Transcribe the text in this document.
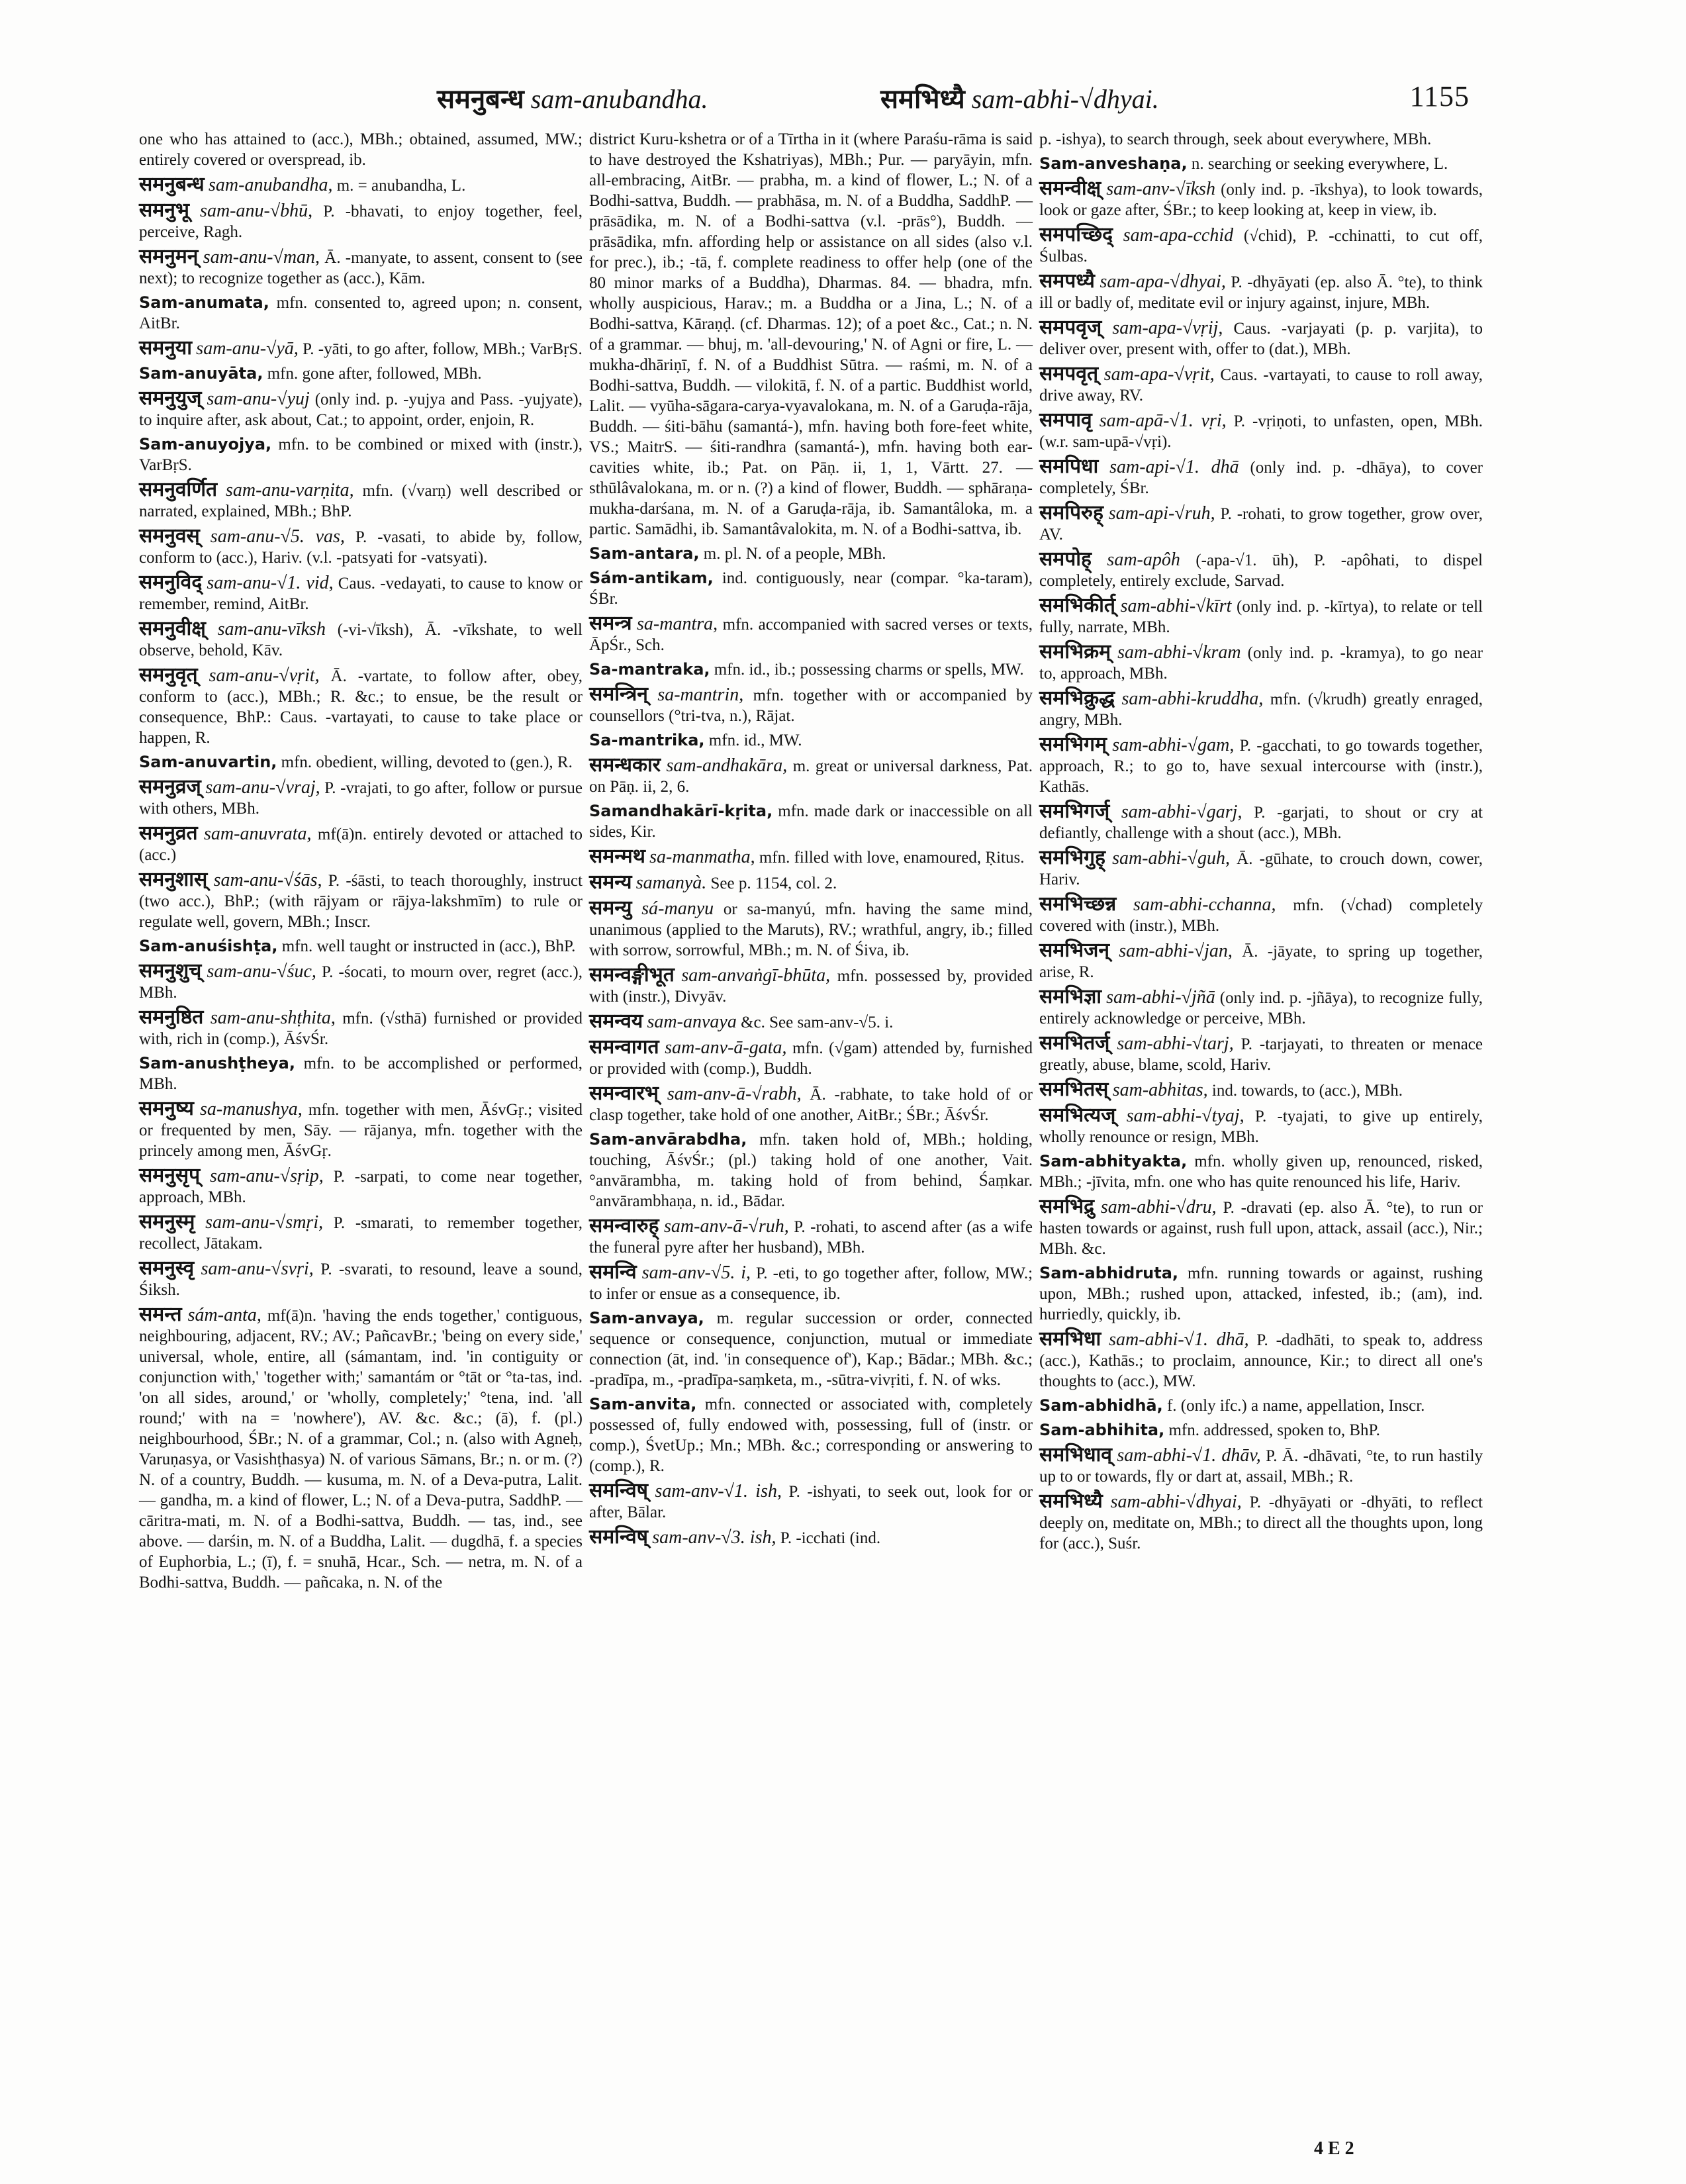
समनुबन्ध sam-anubandha.	समभिध्यै sam-abhi-√dhyai.	1155
one who has attained to (acc.), MBh.; obtained, assumed, MW.; entirely covered or overspread, ib.
समनुबन्ध sam-anubandha, m. = anubandha, L.
समनुभू sam-anu-√bhū, P. -bhavati, to enjoy together, feel, perceive, Ragh.
समनुमन् sam-anu-√man, Ā. -manyate, to assent, consent to (see next); to recognize together as (acc.), Kām.
Sam-anumata, mfn. consented to, agreed upon; n. consent, AitBr.
समनुया sam-anu-√yā, P. -yāti, to go after, follow, MBh.; VarBṛS.
Sam-anuyāta, mfn. gone after, followed, MBh.
समनुयुज् sam-anu-√yuj (only ind. p. -yujya and Pass. -yujyate), to inquire after, ask about, Cat.; to appoint, order, enjoin, R.
Sam-anuyojya, mfn. to be combined or mixed with (instr.), VarBṛS.
समनुवर्णित sam-anu-varṇita, mfn. (√varṇ) well described or narrated, explained, MBh.; BhP.
समनुवस् sam-anu-√5. vas, P. -vasati, to abide by, follow, conform to (acc.), Hariv. (v.l. -patsyati for -vatsyati).
समनुविद् sam-anu-√1. vid, Caus. -vedayati, to cause to know or remember, remind, AitBr.
समनुवीक्ष् sam-anu-vīksh (-vi-√īksh), Ā. -vīkshate, to well observe, behold, Kāv.
समनुवृत् sam-anu-√vṛit, Ā. -vartate, to follow after, obey, conform to (acc.), MBh.; R. &c.; to ensue, be the result or consequence, BhP.: Caus. -vartayati, to cause to take place or happen, R.
Sam-anuvartin, mfn. obedient, willing, devoted to (gen.), R.
समनुव्रज् sam-anu-√vraj, P. -vrajati, to go after, follow or pursue with others, MBh.
समनुव्रत sam-anuvrata, mf(ā)n. entirely devoted or attached to (acc.)
समनुशास् sam-anu-√śās, P. -śāsti, to teach thoroughly, instruct (two acc.), BhP.; (with rājyam or rājya-lakshmīm) to rule or regulate well, govern, MBh.; Inscr.
Sam-anuśishṭa, mfn. well taught or instructed in (acc.), BhP.
समनुशुच् sam-anu-√śuc, P. -śocati, to mourn over, regret (acc.), MBh.
समनुष्ठित sam-anu-shṭhita, mfn. (√sthā) furnished or provided with, rich in (comp.), ĀśvŚr.
Sam-anushṭheya, mfn. to be accomplished or performed, MBh.
समनुष्य sa-manushya, mfn. together with men, ĀśvGṛ.; visited or frequented by men, Sāy. — rājanya, mfn. together with the princely among men, ĀśvGṛ.
समनुसृप् sam-anu-√sṛip, P. -sarpati, to come near together, approach, MBh.
समनुस्मृ sam-anu-√smṛi, P. -smarati, to remember together, recollect, Jātakam.
समनुस्वृ sam-anu-√svṛi, P. -svarati, to resound, leave a sound, Śiksh.
समन्त sám-anta, mf(ā)n. 'having the ends together,' contiguous, neighbouring, adjacent, RV.; AV.; PañcavBr.; 'being on every side,' universal, whole, entire, all (sámantam, ind. 'in contiguity or conjunction with,' 'together with;' samantám or °tāt or °ta-tas, ind. 'on all sides, around,' or 'wholly, completely;' °tena, ind. 'all round;' with na = 'nowhere'), AV. &c. &c.; (ā), f. (pl.) neighbourhood, ŚBr.; N. of a grammar, Col.; n. (also with Agneḥ, Varuṇasya, or Vasishṭhasya) N. of various Sāmans, Br.; n. or m. (?) N. of a country, Buddh. — kusuma, m. N. of a Deva-putra, Lalit. — gandha, m. a kind of flower, L.; N. of a Deva-putra, SaddhP. — cāritra-mati, m. N. of a Bodhi-sattva, Buddh. — tas, ind., see above. — darśin, m. N. of a Buddha, Lalit. — dugdhā, f. a species of Euphorbia, L.; (ī), f. = snuhā, Hcar., Sch. — netra, m. N. of a Bodhi-sattva, Buddh. — pañcaka, n. N. of the
district Kuru-kshetra or of a Tīrtha in it (where Paraśu-rāma is said to have destroyed the Kshatriyas), MBh.; Pur. — paryāyin, mfn. all-embracing, AitBr. — prabha, m. a kind of flower, L.; N. of a Bodhi-sattva, Buddh. — prabhāsa, m. N. of a Buddha, SaddhP. — prāsādika, m. N. of a Bodhi-sattva (v.l. -prās°), Buddh. — prāsādika, mfn. affording help or assistance on all sides (also v.l. for prec.), ib.; -tā, f. complete readiness to offer help (one of the 80 minor marks of a Buddha), Dharmas. 84. — bhadra, mfn. wholly auspicious, Harav.; m. a Buddha or a Jina, L.; N. of a Bodhi-sattva, Kāraṇḍ. (cf. Dharmas. 12); of a poet &c., Cat.; n. N. of a grammar. — bhuj, m. 'all-devouring,' N. of Agni or fire, L. — mukha-dhāriṇī, f. N. of a Buddhist Sūtra. — raśmi, m. N. of a Bodhi-sattva, Buddh. — vilokitā, f. N. of a partic. Buddhist world, Lalit. — vyūha-sāgara-carya-vyavalokana, m. N. of a Garuḍa-rāja, Buddh. — śiti-bāhu (samantá-), mfn. having both fore-feet white, VS.; MaitrS. — śiti-randhra (samantá-), mfn. having both ear-cavities white, ib.; Pat. on Pāṇ. ii, 1, 1, Vārtt. 27. — sthūlâvalokana, m. or n. (?) a kind of flower, Buddh. — sphāraṇa-mukha-darśana, m. N. of a Garuḍa-rāja, ib. Samantâloka, m. a partic. Samādhi, ib. Samantâvalokita, m. N. of a Bodhi-sattva, ib.
Sam-antara, m. pl. N. of a people, MBh.
Sám-antikam, ind. contiguously, near (compar. °ka-taram), ŚBr.
समन्त्र sa-mantra, mfn. accompanied with sacred verses or texts, ĀpŚr., Sch.
Sa-mantraka, mfn. id., ib.; possessing charms or spells, MW.
समन्त्रिन् sa-mantrin, mfn. together with or accompanied by counsellors (°tri-tva, n.), Rājat.
Sa-mantrika, mfn. id., MW.
समन्धकार sam-andhakāra, m. great or universal darkness, Pat. on Pāṇ. ii, 2, 6.
Samandhakārī-kṛita, mfn. made dark or inaccessible on all sides, Kir.
समन्मथ sa-manmatha, mfn. filled with love, enamoured, Ṛitus.
समन्य samanyà. See p. 1154, col. 2.
समन्यु sá-manyu or sa-manyú, mfn. having the same mind, unanimous (applied to the Maruts), RV.; wrathful, angry, ib.; filled with sorrow, sorrowful, MBh.; m. N. of Śiva, ib.
समन्वङ्गीभूत sam-anvaṅgī-bhūta, mfn. possessed by, provided with (instr.), Divyāv.
समन्वय sam-anvaya &c. See sam-anv-√5. i.
समन्वागत sam-anv-ā-gata, mfn. (√gam) attended by, furnished or provided with (comp.), Buddh.
समन्वारभ् sam-anv-ā-√rabh, Ā. -rabhate, to take hold of or clasp together, take hold of one another, AitBr.; ŚBr.; ĀśvŚr.
Sam-anvārabdha, mfn. taken hold of, MBh.; holding, touching, ĀśvŚr.; (pl.) taking hold of one another, Vait. °anvārambha, m. taking hold of from behind, Śaṃkar. °anvārambhaṇa, n. id., Bādar.
समन्वारुह् sam-anv-ā-√ruh, P. -rohati, to ascend after (as a wife the funeral pyre after her husband), MBh.
समन्वि sam-anv-√5. i, P. -eti, to go together after, follow, MW.; to infer or ensue as a consequence, ib.
Sam-anvaya, m. regular succession or order, connected sequence or consequence, conjunction, mutual or immediate connection (āt, ind. 'in consequence of'), Kap.; Bādar.; MBh. &c.; -pradīpa, m., -pradīpa-saṃketa, m., -sūtra-vivṛiti, f. N. of wks.
Sam-anvita, mfn. connected or associated with, completely possessed of, fully endowed with, possessing, full of (instr. or comp.), ŚvetUp.; Mn.; MBh. &c.; corresponding or answering to (comp.), R.
समन्विष् sam-anv-√1. ish, P. -ishyati, to seek out, look for or after, Bālar.
समन्विष् sam-anv-√3. ish, P. -icchati (ind.
p. -ishya), to search through, seek about everywhere, MBh.
Sam-anveshaṇa, n. searching or seeking everywhere, L.
समन्वीक्ष् sam-anv-√īksh (only ind. p. -īkshya), to look towards, look or gaze after, ŚBr.; to keep looking at, keep in view, ib.
समपच्छिद् sam-apa-cchid (√chid), P. -cchinatti, to cut off, Śulbas.
समपध्यै sam-apa-√dhyai, P. -dhyāyati (ep. also Ā. °te), to think ill or badly of, meditate evil or injury against, injure, MBh.
समपवृज् sam-apa-√vṛij, Caus. -varjayati (p. p. varjita), to deliver over, present with, offer to (dat.), MBh.
समपवृत् sam-apa-√vṛit, Caus. -vartayati, to cause to roll away, drive away, RV.
समपावृ sam-apā-√1. vṛi, P. -vṛiṇoti, to unfasten, open, MBh. (w.r. sam-upā-√vṛi).
समपिधा sam-api-√1. dhā (only ind. p. -dhāya), to cover completely, ŚBr.
समपिरुह् sam-api-√ruh, P. -rohati, to grow together, grow over, AV.
समपोह् sam-apôh (-apa-√1. ūh), P. -apôhati, to dispel completely, entirely exclude, Sarvad.
समभिकीर्त् sam-abhi-√kīrt (only ind. p. -kīrtya), to relate or tell fully, narrate, MBh.
समभिक्रम् sam-abhi-√kram (only ind. p. -kramya), to go near to, approach, MBh.
समभिक्रुद्ध sam-abhi-kruddha, mfn. (√krudh) greatly enraged, angry, MBh.
समभिगम् sam-abhi-√gam, P. -gacchati, to go towards together, approach, R.; to go to, have sexual intercourse with (instr.), Kathās.
समभिगर्ज् sam-abhi-√garj, P. -garjati, to shout or cry at defiantly, challenge with a shout (acc.), MBh.
समभिगुह् sam-abhi-√guh, Ā. -gūhate, to crouch down, cower, Hariv.
समभिच्छन्न sam-abhi-cchanna, mfn. (√chad) completely covered with (instr.), MBh.
समभिजन् sam-abhi-√jan, Ā. -jāyate, to spring up together, arise, R.
समभिज्ञा sam-abhi-√jñā (only ind. p. -jñāya), to recognize fully, entirely acknowledge or perceive, MBh.
समभितर्ज् sam-abhi-√tarj, P. -tarjayati, to threaten or menace greatly, abuse, blame, scold, Hariv.
समभितस् sam-abhitas, ind. towards, to (acc.), MBh.
समभित्यज् sam-abhi-√tyaj, P. -tyajati, to give up entirely, wholly renounce or resign, MBh.
Sam-abhityakta, mfn. wholly given up, renounced, risked, MBh.; -jīvita, mfn. one who has quite renounced his life, Hariv.
समभिद्रु sam-abhi-√dru, P. -dravati (ep. also Ā. °te), to run or hasten towards or against, rush full upon, attack, assail (acc.), Nir.; MBh. &c.
Sam-abhidruta, mfn. running towards or against, rushing upon, MBh.; rushed upon, attacked, infested, ib.; (am), ind. hurriedly, quickly, ib.
समभिधा sam-abhi-√1. dhā, P. -dadhāti, to speak to, address (acc.), Kathās.; to proclaim, announce, Kir.; to direct all one's thoughts to (acc.), MW.
Sam-abhidhā, f. (only ifc.) a name, appellation, Inscr.
Sam-abhihita, mfn. addressed, spoken to, BhP.
समभिधाव् sam-abhi-√1. dhāv, P. Ā. -dhāvati, °te, to run hastily up to or towards, fly or dart at, assail, MBh.; R.
समभिध्यै sam-abhi-√dhyai, P. -dhyāyati or -dhyāti, to reflect deeply on, meditate on, MBh.; to direct all the thoughts upon, long for (acc.), Suśr.
4 E 2
